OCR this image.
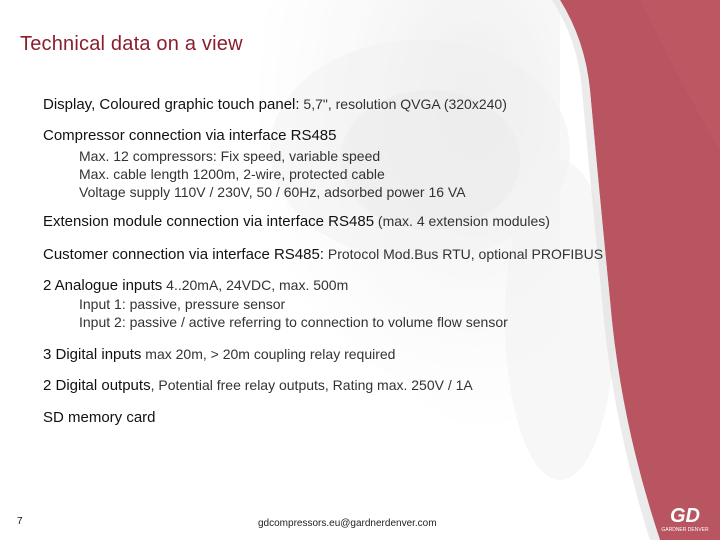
Technical data on a view
Display, Coloured graphic touch panel: 5,7", resolution QVGA (320x240)
Compressor connection via interface RS485
Max. 12 compressors: Fix speed, variable speed
Max. cable length 1200m, 2-wire, protected cable
Voltage supply 110V / 230V, 50 / 60Hz, adsorbed power 16 VA
Extension module connection via interface RS485 (max. 4 extension modules)
Customer connection via interface RS485: Protocol Mod.Bus RTU, optional PROFIBUS
2 Analogue inputs 4..20mA, 24VDC, max. 500m
Input 1: passive, pressure sensor
Input 2: passive / active referring to connection to volume flow sensor
3 Digital inputs max 20m, > 20m coupling relay required
2 Digital outputs, Potential free relay outputs, Rating max. 250V / 1A
SD memory card
7	gdcompressors.eu@gardnerdenver.com	GD
GARDNER DENVER
